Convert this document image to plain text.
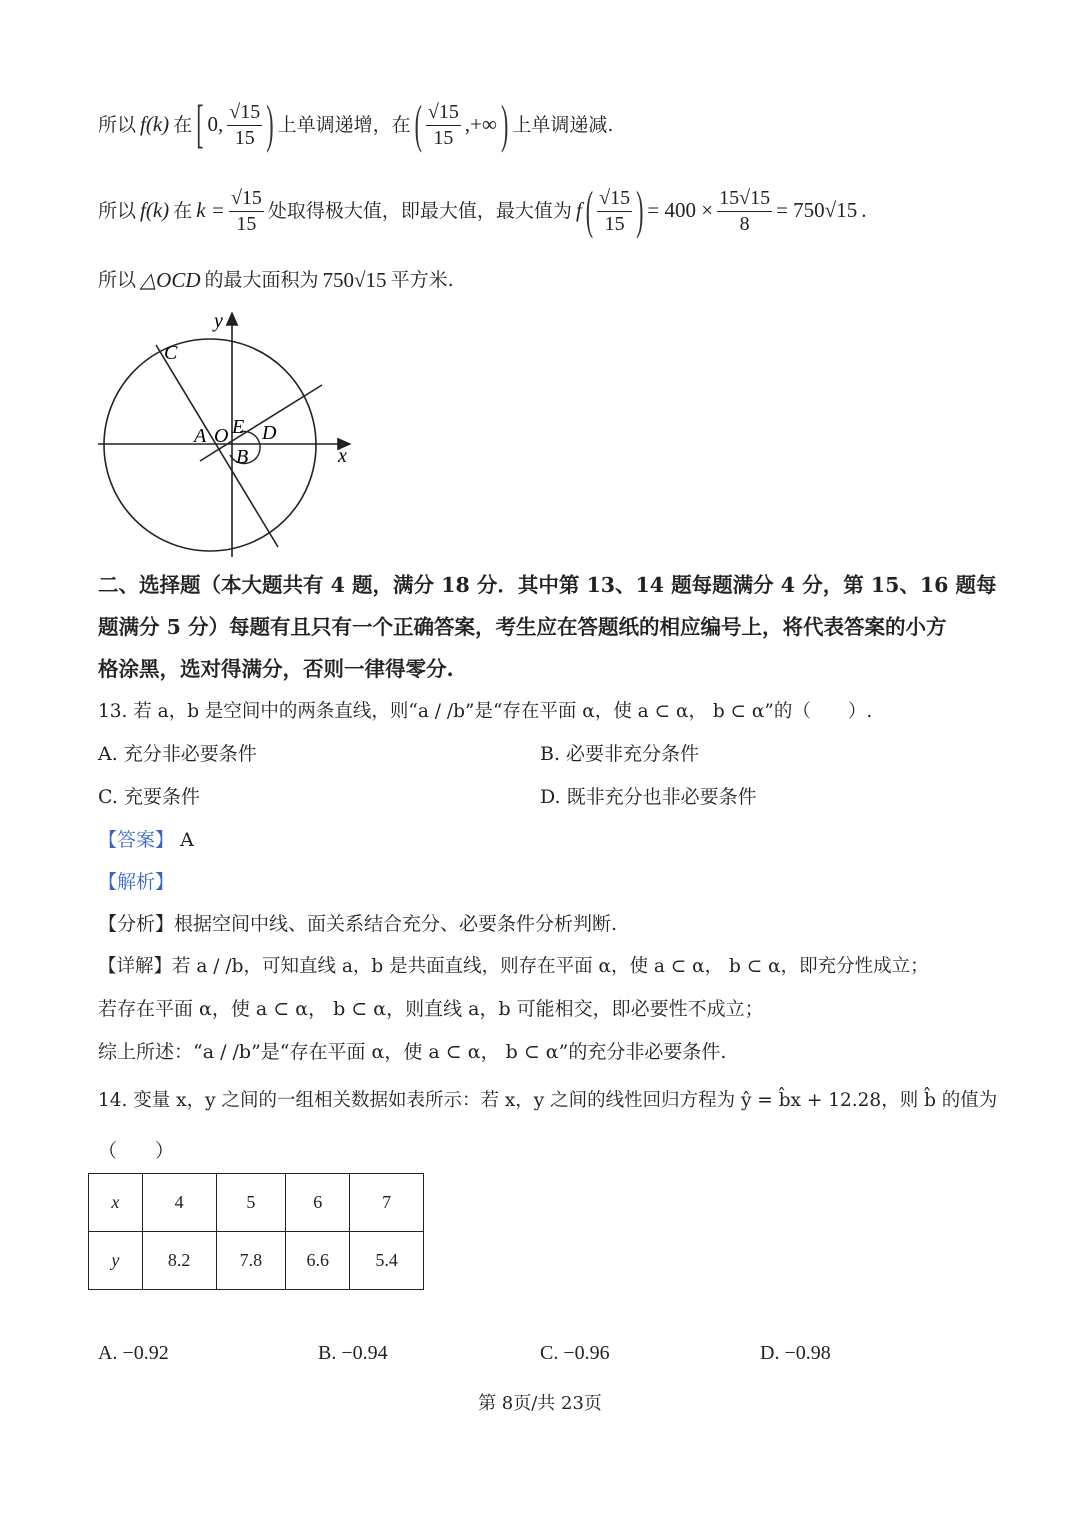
所以 f(k) 在 [ 0, $\frac{√15}{15}$ ) 上单调递增，在 ( $\frac{√15}{15}$ ,+∞ ) 上单调递减.
所以 f(k) 在 $k = \frac{√15}{15}$ 处取得极大值，即最大值，最大值为 f ( $\frac{√15}{15}$ ) = $400 \times \frac{15√15}{8} = 750√15$ .
所以 △OCD 的最大面积为 750√15 平方米.
y
x
C
A O E D
B
二、选择题（本大题共有 4 题，满分 18 分．其中第 13、14 题每题满分 4 分，第 15、16 题每
题满分 5 分）每题有且只有一个正确答案，考生应在答题纸的相应编号上，将代表答案的小方
格涂黑，选对得满分，否则一律得零分.
13. 若 a，b 是空间中的两条直线，则“a / /b”是“存在平面 α，使 a ⊂ α， b ⊂ α”的（　　）.
A. 充分非必要条件	B. 必要非充分条件
C. 充要条件	D. 既非充分也非必要条件
【答案】 A
【解析】
【分析】根据空间中线、面关系结合充分、必要条件分析判断.
【详解】若 a / /b，可知直线 a，b 是共面直线，则存在平面 α，使 a ⊂ α， b ⊂ α，即充分性成立；
若存在平面 α，使 a ⊂ α， b ⊂ α，则直线 a，b 可能相交，即必要性不成立；
综上所述：“a / /b”是“存在平面 α，使 a ⊂ α， b ⊂ α”的充分非必要条件.
14. 变量 x，y 之间的一组相关数据如表所示：若 x，y 之间的线性回归方程为 ŷ = b̂x + 12.28，则 b̂ 的值为
（　　）
x	4	5	6	7
y	8.2	7.8	6.6	5.4
A. −0.92	B. −0.94	C. −0.96	D. −0.98
第 8页/共 23页
